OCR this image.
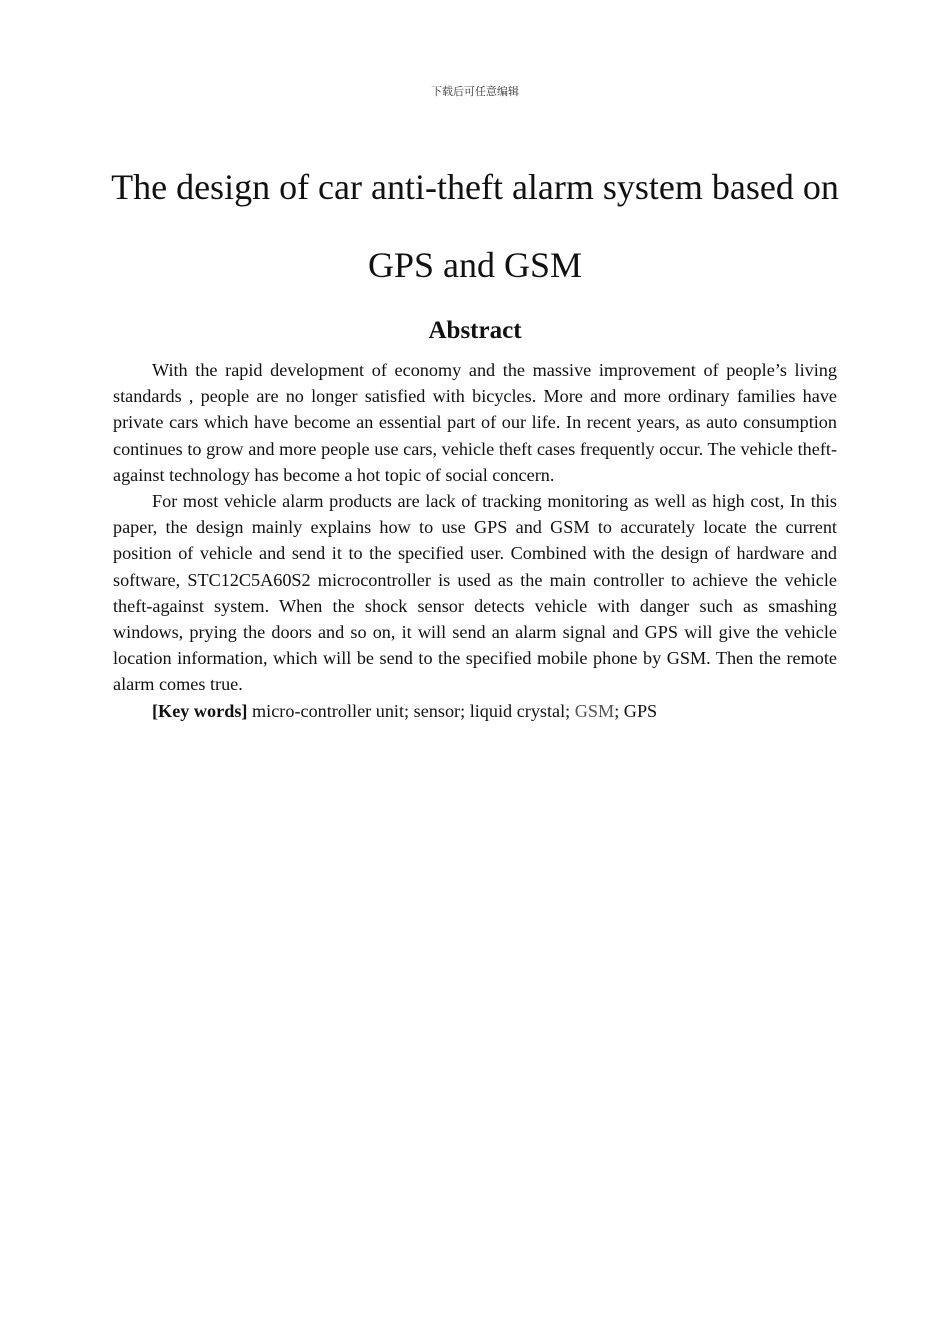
下载后可任意编辑
The design of car anti-theft alarm system based on GPS and GSM
Abstract

With the rapid development of economy and the massive improvement of people’s living standards , people are no longer satisfied with bicycles. More and more ordinary families have private cars which have become an essential part of our life. In recent years, as auto consumption continues to grow and more people use cars, vehicle theft cases frequently occur. The vehicle theft-against technology has become a hot topic of social concern.

For most vehicle alarm products are lack of tracking monitoring as well as high cost, In this paper, the design mainly explains how to use GPS and GSM to accurately locate the current position of vehicle and send it to the specified user. Combined with the design of hardware and software, STC12C5A60S2 microcontroller is used as the main controller to achieve the vehicle theft-against system. When the shock sensor detects vehicle with danger such as smashing windows, prying the doors and so on, it will send an alarm signal and GPS will give the vehicle location information, which will be send to the specified mobile phone by GSM. Then the remote alarm comes true.

[Key words] micro-controller unit; sensor; liquid crystal; GSM; GPS
